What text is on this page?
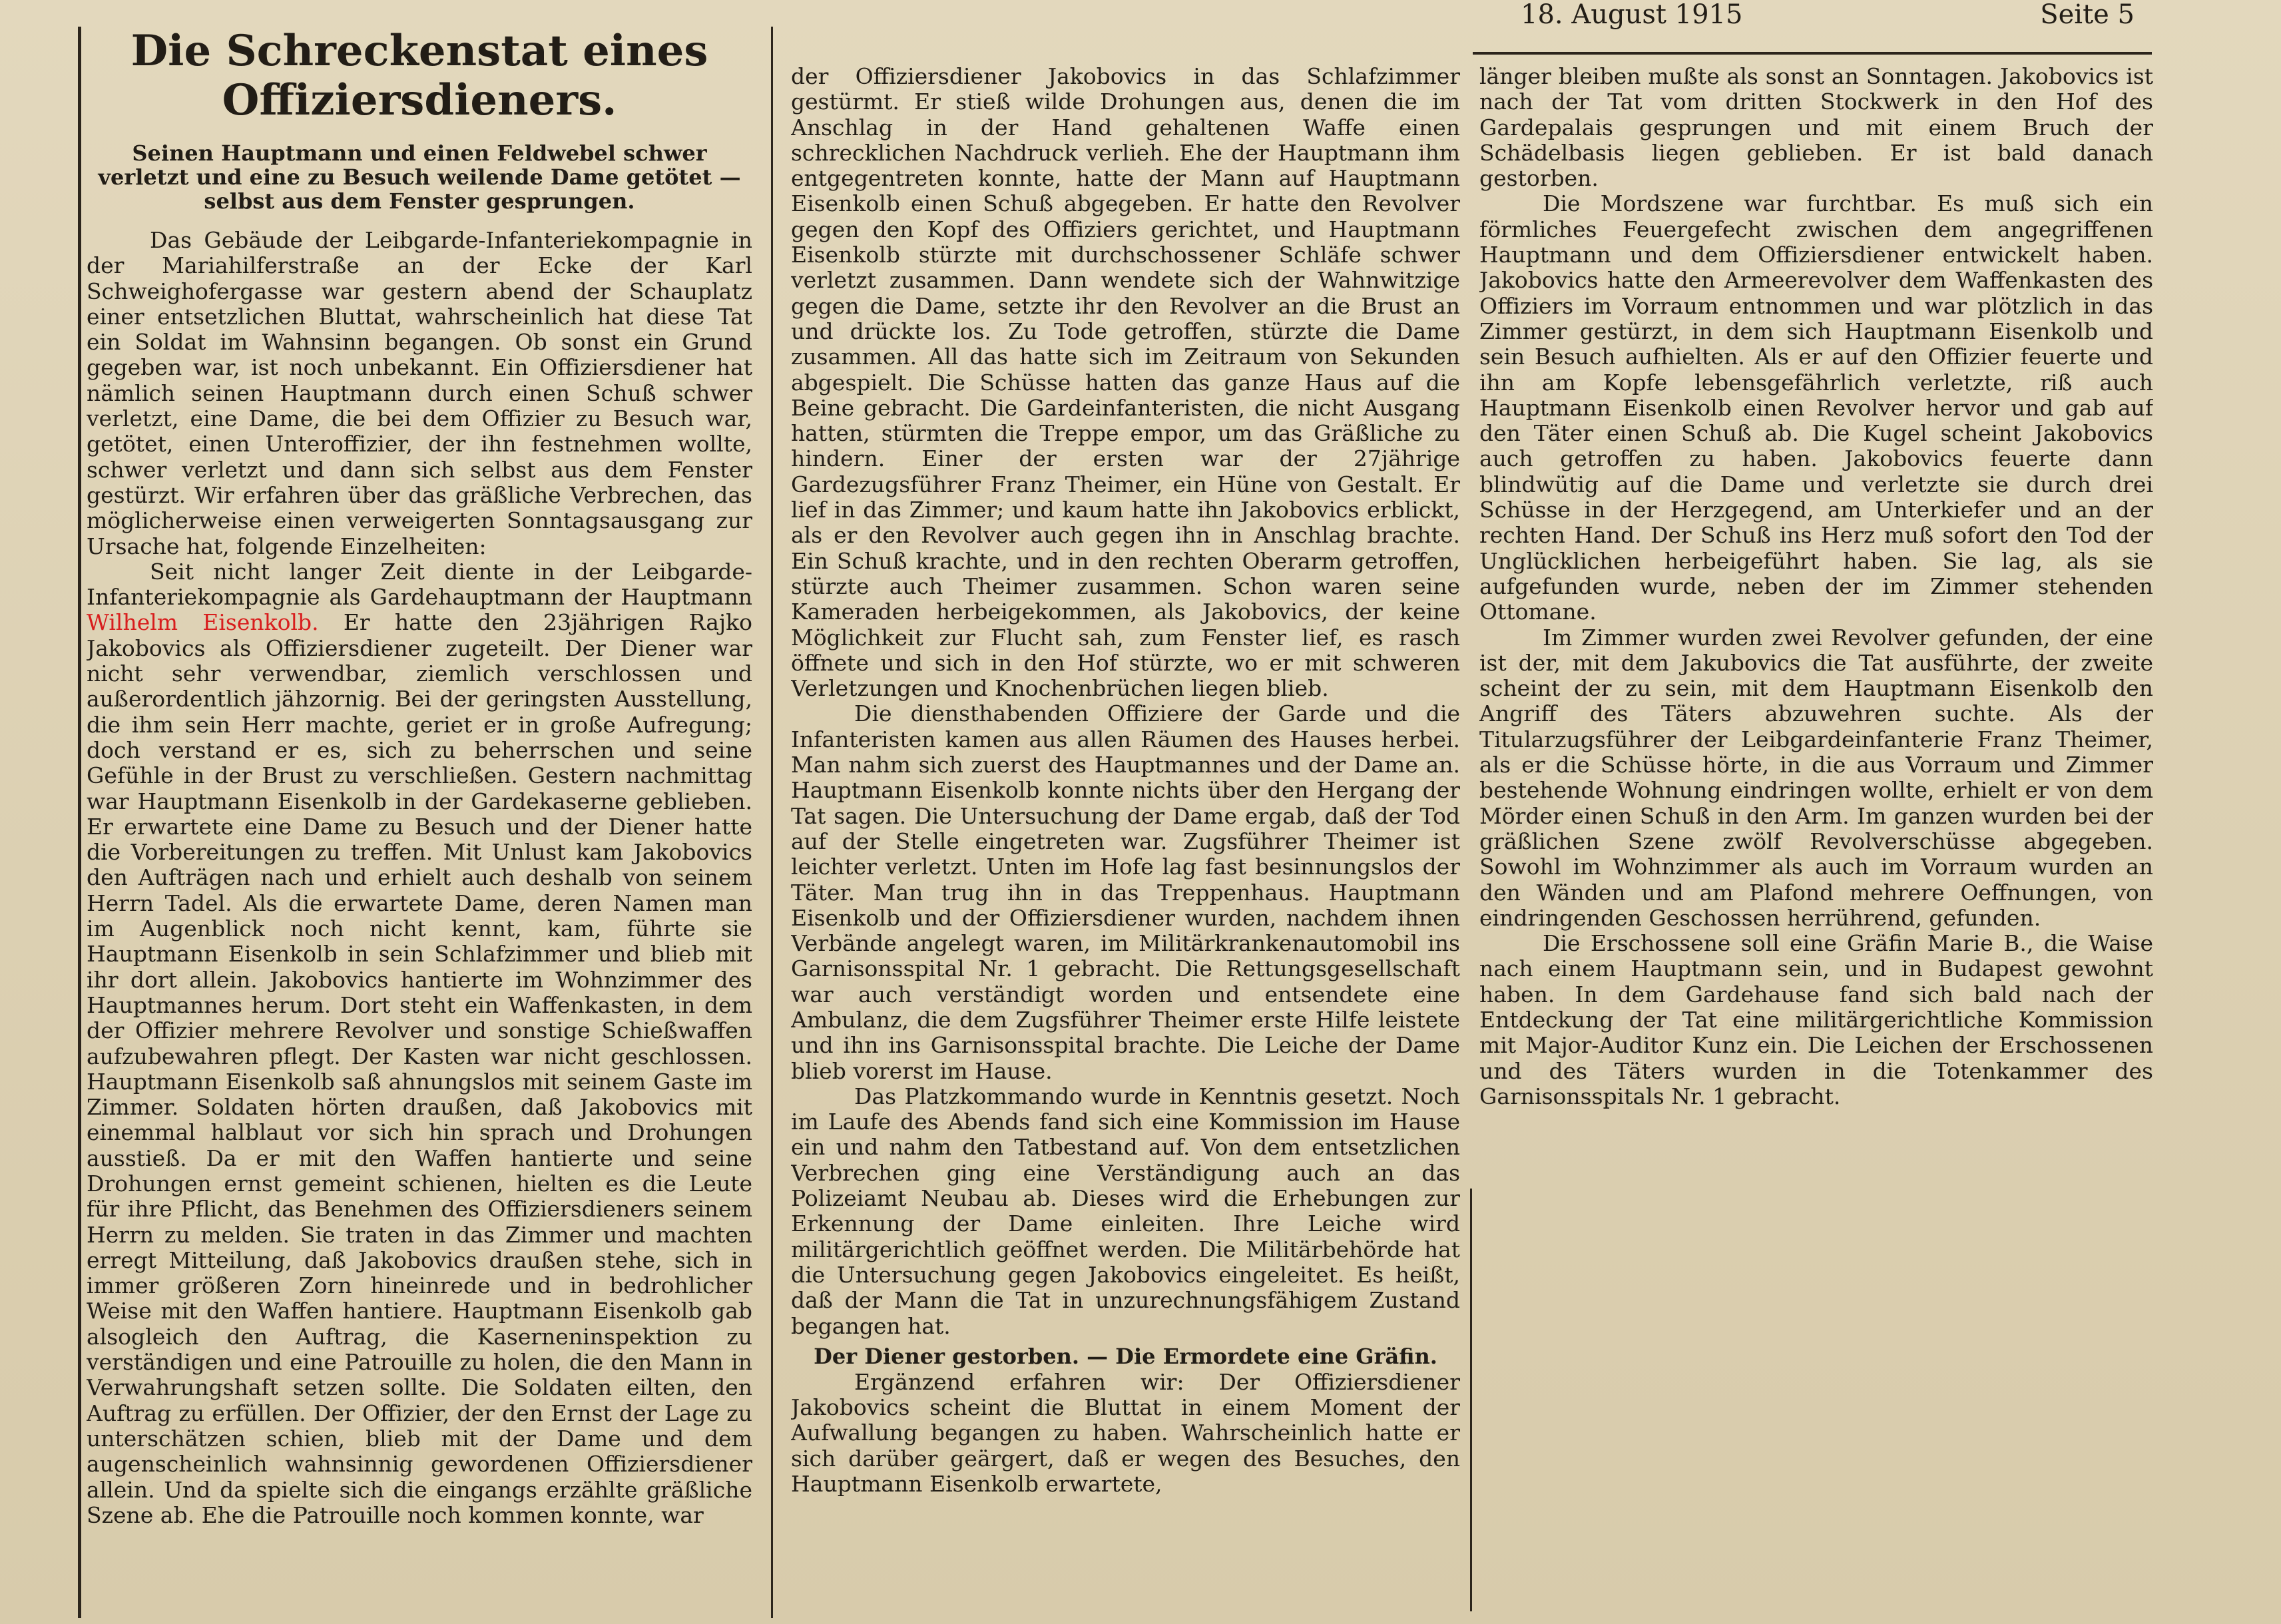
18. August 1915	Seite 5
Die Schreckenstat eines Offiziersdieners.
Seinen Hauptmann und einen Feldwebel schwer verletzt und eine zu Besuch weilende Dame getötet — selbst aus dem Fenster gesprungen.

Das Gebäude der Leibgarde-Infanteriekompagnie in der Mariahilferstraße an der Ecke der Karl Schweighofergasse war gestern abend der Schauplatz einer entsetzlichen Bluttat, wahrscheinlich hat diese Tat ein Soldat im Wahnsinn begangen. Ob sonst ein Grund gegeben war, ist noch unbekannt. Ein Offiziersdiener hat nämlich seinen Hauptmann durch einen Schuß schwer verletzt, eine Dame, die bei dem Offizier zu Besuch war, getötet, einen Unteroffizier, der ihn festnehmen wollte, schwer verletzt und dann sich selbst aus dem Fenster gestürzt. Wir erfahren über das gräßliche Verbrechen, das möglicherweise einen verweigerten Sonntagsausgang zur Ursache hat, folgende Einzelheiten:

Seit nicht langer Zeit diente in der Leibgarde-Infanteriekompagnie als Gardehauptmann der Hauptmann Wilhelm Eisenkolb. Er hatte den 23jährigen Rajko Jakobovics als Offiziersdiener zugeteilt. Der Diener war nicht sehr verwendbar, ziemlich verschlossen und außerordentlich jähzornig. Bei der geringsten Ausstellung, die ihm sein Herr machte, geriet er in große Aufregung; doch verstand er es, sich zu beherrschen und seine Gefühle in der Brust zu verschließen. Gestern nachmittag war Hauptmann Eisenkolb in der Gardekaserne geblieben. Er erwartete eine Dame zu Besuch und der Diener hatte die Vorbereitungen zu treffen. Mit Unlust kam Jakobovics den Aufträgen nach und erhielt auch deshalb von seinem Herrn Tadel. Als die erwartete Dame, deren Namen man im Augenblick noch nicht kennt, kam, führte sie Hauptmann Eisenkolb in sein Schlafzimmer und blieb mit ihr dort allein. Jakobovics hantierte im Wohnzimmer des Hauptmannes herum. Dort steht ein Waffenkasten, in dem der Offizier mehrere Revolver und sonstige Schießwaffen aufzubewahren pflegt. Der Kasten war nicht geschlossen. Hauptmann Eisenkolb saß ahnungslos mit seinem Gaste im Zimmer. Soldaten hörten draußen, daß Jakobovics mit einemmal halblaut vor sich hin sprach und Drohungen ausstieß. Da er mit den Waffen hantierte und seine Drohungen ernst gemeint schienen, hielten es die Leute für ihre Pflicht, das Benehmen des Offiziersdieners seinem Herrn zu melden. Sie traten in das Zimmer und machten erregt Mitteilung, daß Jakobovics draußen stehe, sich in immer größeren Zorn hineinrede und in bedrohlicher Weise mit den Waffen hantiere. Hauptmann Eisenkolb gab alsogleich den Auftrag, die Kaserneninspektion zu verständigen und eine Patrouille zu holen, die den Mann in Verwahrungshaft setzen sollte. Die Soldaten eilten, den Auftrag zu erfüllen. Der Offizier, der den Ernst der Lage zu unterschätzen schien, blieb mit der Dame und dem augenscheinlich wahnsinnig gewordenen Offiziersdiener allein. Und da spielte sich die eingangs erzählte gräßliche Szene ab. Ehe die Patrouille noch kommen konnte, war

der Offiziersdiener Jakobovics in das Schlafzimmer gestürmt. Er stieß wilde Drohungen aus, denen die im Anschlag in der Hand gehaltenen Waffe einen schrecklichen Nachdruck verlieh. Ehe der Hauptmann ihm entgegentreten konnte, hatte der Mann auf Hauptmann Eisenkolb einen Schuß abgegeben. Er hatte den Revolver gegen den Kopf des Offiziers gerichtet, und Hauptmann Eisenkolb stürzte mit durchschossener Schläfe schwer verletzt zusammen. Dann wendete sich der Wahnwitzige gegen die Dame, setzte ihr den Revolver an die Brust an und drückte los. Zu Tode getroffen, stürzte die Dame zusammen. All das hatte sich im Zeitraum von Sekunden abgespielt. Die Schüsse hatten das ganze Haus auf die Beine gebracht. Die Gardeinfanteristen, die nicht Ausgang hatten, stürmten die Treppe empor, um das Gräßliche zu hindern. Einer der ersten war der 27jährige Gardezugsführer Franz Theimer, ein Hüne von Gestalt. Er lief in das Zimmer; und kaum hatte ihn Jakobovics erblickt, als er den Revolver auch gegen ihn in Anschlag brachte. Ein Schuß krachte, und in den rechten Oberarm getroffen, stürzte auch Theimer zusammen. Schon waren seine Kameraden herbeigekommen, als Jakobovics, der keine Möglichkeit zur Flucht sah, zum Fenster lief, es rasch öffnete und sich in den Hof stürzte, wo er mit schweren Verletzungen und Knochenbrüchen liegen blieb.

Die diensthabenden Offiziere der Garde und die Infanteristen kamen aus allen Räumen des Hauses herbei. Man nahm sich zuerst des Hauptmannes und der Dame an. Hauptmann Eisenkolb konnte nichts über den Hergang der Tat sagen. Die Untersuchung der Dame ergab, daß der Tod auf der Stelle eingetreten war. Zugsführer Theimer ist leichter verletzt. Unten im Hofe lag fast besinnungslos der Täter. Man trug ihn in das Treppenhaus. Hauptmann Eisenkolb und der Offiziersdiener wurden, nachdem ihnen Verbände angelegt waren, im Militärkrankenautomobil ins Garnisonsspital Nr. 1 gebracht. Die Rettungsgesellschaft war auch verständigt worden und entsendete eine Ambulanz, die dem Zugsführer Theimer erste Hilfe leistete und ihn ins Garnisonsspital brachte. Die Leiche der Dame blieb vorerst im Hause.

Das Platzkommando wurde in Kenntnis gesetzt. Noch im Laufe des Abends fand sich eine Kommission im Hause ein und nahm den Tatbestand auf. Von dem entsetzlichen Verbrechen ging eine Verständigung auch an das Polizeiamt Neubau ab. Dieses wird die Erhebungen zur Erkennung der Dame einleiten. Ihre Leiche wird militärgerichtlich geöffnet werden. Die Militärbehörde hat die Untersuchung gegen Jakobovics eingeleitet. Es heißt, daß der Mann die Tat in unzurechnungsfähigem Zustand begangen hat.

Der Diener gestorben. — Die Ermordete eine Gräfin.

Ergänzend erfahren wir: Der Offiziersdiener Jakobovics scheint die Bluttat in einem Moment der Aufwallung begangen zu haben. Wahrscheinlich hatte er sich darüber geärgert, daß er wegen des Besuches, den Hauptmann Eisenkolb erwartete,

länger bleiben mußte als sonst an Sonntagen. Jakobovics ist nach der Tat vom dritten Stockwerk in den Hof des Gardepalais gesprungen und mit einem Bruch der Schädelbasis liegen geblieben. Er ist bald danach gestorben.

Die Mordszene war furchtbar. Es muß sich ein förmliches Feuergefecht zwischen dem angegriffenen Hauptmann und dem Offiziersdiener entwickelt haben. Jakobovics hatte den Armeerevolver dem Waffenkasten des Offiziers im Vorraum entnommen und war plötzlich in das Zimmer gestürzt, in dem sich Hauptmann Eisenkolb und sein Besuch aufhielten. Als er auf den Offizier feuerte und ihn am Kopfe lebensgefährlich verletzte, riß auch Hauptmann Eisenkolb einen Revolver hervor und gab auf den Täter einen Schuß ab. Die Kugel scheint Jakobovics auch getroffen zu haben. Jakobovics feuerte dann blindwütig auf die Dame und verletzte sie durch drei Schüsse in der Herzgegend, am Unterkiefer und an der rechten Hand. Der Schuß ins Herz muß sofort den Tod der Unglücklichen herbeigeführt haben. Sie lag, als sie aufgefunden wurde, neben der im Zimmer stehenden Ottomane.

Im Zimmer wurden zwei Revolver gefunden, der eine ist der, mit dem Jakubovics die Tat ausführte, der zweite scheint der zu sein, mit dem Hauptmann Eisenkolb den Angriff des Täters abzuwehren suchte. Als der Titularzugsführer der Leibgardeinfanterie Franz Theimer, als er die Schüsse hörte, in die aus Vorraum und Zimmer bestehende Wohnung eindringen wollte, erhielt er von dem Mörder einen Schuß in den Arm. Im ganzen wurden bei der gräßlichen Szene zwölf Revolverschüsse abgegeben. Sowohl im Wohnzimmer als auch im Vorraum wurden an den Wänden und am Plafond mehrere Oeffnungen, von eindringenden Geschossen herrührend, gefunden.

Die Erschossene soll eine Gräfin Marie B., die Waise nach einem Hauptmann sein, und in Budapest gewohnt haben. In dem Gardehause fand sich bald nach der Entdeckung der Tat eine militärgerichtliche Kommission mit Major-Auditor Kunz ein. Die Leichen der Erschossenen und des Täters wurden in die Totenkammer des Garnisonsspitals Nr. 1 gebracht.
